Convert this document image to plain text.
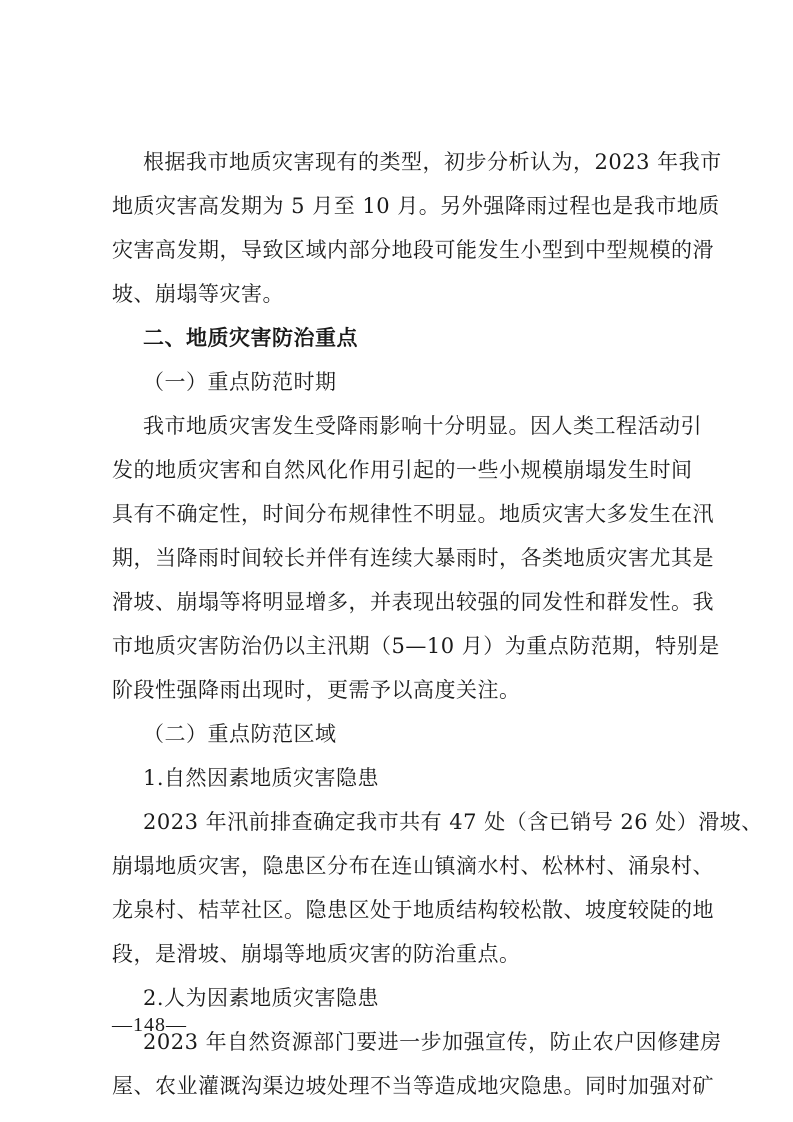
根据我市地质灾害现有的类型，初步分析认为，2023 年我市
地质灾害高发期为 5 月至 10 月。另外强降雨过程也是我市地质
灾害高发期，导致区域内部分地段可能发生小型到中型规模的滑
坡、崩塌等灾害。
二、地质灾害防治重点
（一）重点防范时期
我市地质灾害发生受降雨影响十分明显。因人类工程活动引
发的地质灾害和自然风化作用引起的一些小规模崩塌发生时间
具有不确定性，时间分布规律性不明显。地质灾害大多发生在汛
期，当降雨时间较长并伴有连续大暴雨时，各类地质灾害尤其是
滑坡、崩塌等将明显增多，并表现出较强的同发性和群发性。我
市地质灾害防治仍以主汛期（5—10 月）为重点防范期，特别是
阶段性强降雨出现时，更需予以高度关注。
（二）重点防范区域
1.自然因素地质灾害隐患
2023 年汛前排查确定我市共有 47 处（含已销号 26 处）滑坡、
崩塌地质灾害，隐患区分布在连山镇滴水村、松林村、涌泉村、
龙泉村、桔苹社区。隐患区处于地质结构较松散、坡度较陡的地
段，是滑坡、崩塌等地质灾害的防治重点。
2.人为因素地质灾害隐患
2023 年自然资源部门要进一步加强宣传，防止农户因修建房
屋、农业灌溉沟渠边坡处理不当等造成地灾隐患。同时加强对矿
—148—
